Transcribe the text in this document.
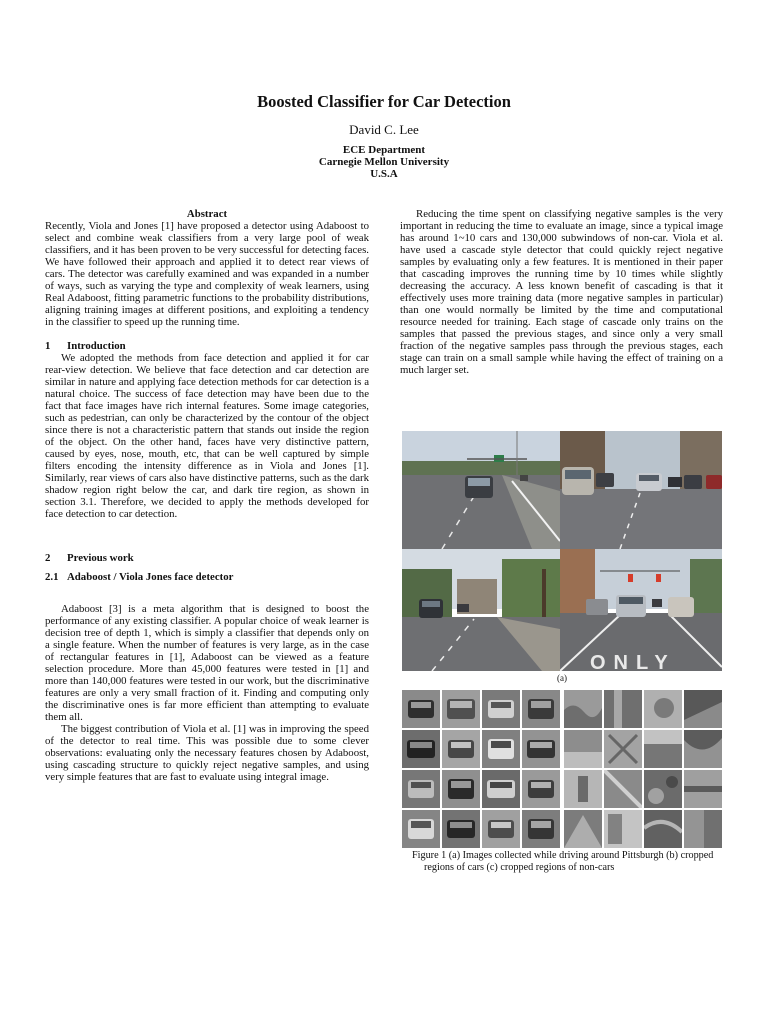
Boosted Classifier for Car Detection
David C. Lee
ECE Department
Carnegie Mellon University
U.S.A

Abstract

Recently, Viola and Jones [1] have proposed a detector using Adaboost to select and combine weak classifiers from a very large pool of weak classifiers, and it has been proven to be very successful for detecting faces. We have followed their approach and applied it to detect rear views of cars. The detector was carefully examined and was expanded in a number of ways, such as varying the type and complexity of weak learners, using Real Adaboost, fitting parametric functions to the probability distributions, aligning training images at different positions, and exploiting a tendency in the classifier to speed up the running time.

1 Introduction

We adopted the methods from face detection and applied it for car rear-view detection. We believe that face detection and car detection are similar in nature and applying face detection methods for car detection is a natural choice. The success of face detection may have been due to the fact that face images have rich internal features. Some image categories, such as pedestrian, can only be characterized by the contour of the object since there is not a characteristic pattern that stands out inside the region of the object. On the other hand, faces have very distinctive pattern, caused by eyes, nose, mouth, etc, that can be well captured by simple filters encoding the intensity difference as in Viola and Jones [1]. Similarly, rear views of cars also have distinctive patterns, such as the dark shadow region right below the car, and dark tire region, as shown in section 3.1. Therefore, we decided to apply the methods developed for face detection to car detection.

2 Previous work

2.1 Adaboost / Viola Jones face detector

Adaboost [3] is a meta algorithm that is designed to boost the performance of any existing classifier. A popular choice of weak learner is decision tree of depth 1, which is simply a classifier that depends only on a single feature. When the number of features is very large, as in the case of rectangular features in [1], Adaboost can be viewed as a feature selection procedure. More than 45,000 features were tested in [1] and more than 140,000 features were tested in our work, but the discriminative features are only a very small fraction of it. Finding and computing only the discriminative ones is far more efficient than attempting to evaluate them all.

The biggest contribution of Viola et al. [1] was in improving the speed of the detector to real time. This was possible due to some clever observations: evaluating only the necessary features chosen by Adaboost, using cascading structure to quickly reject negative samples, and using very simple features that are fast to evaluate using integral image.

Reducing the time spent on classifying negative samples is the very important in reducing the time to evaluate an image, since a typical image has around 1~10 cars and 130,000 subwindows of non-car. Viola et al. have used a cascade style detector that could quickly reject negative samples by evaluating only a few features. It is mentioned in their paper that cascading improves the running time by 10 times while slightly decreasing the accuracy. A less known benefit of cascading is that it effectively uses more training data (more negative samples in particular) than one would normally be limited by the time and computational resource needed for training. Each stage of cascade only trains on the samples that passed the previous stages, and since only a very small fraction of the negative samples pass through the previous stages, each stage can train on a small sample while having the effect of training on a much larger set.

ONLY
(a)
Figure 1 (a) Images collected while driving around Pittsburgh (b) cropped regions of cars (c) cropped regions of non-cars
